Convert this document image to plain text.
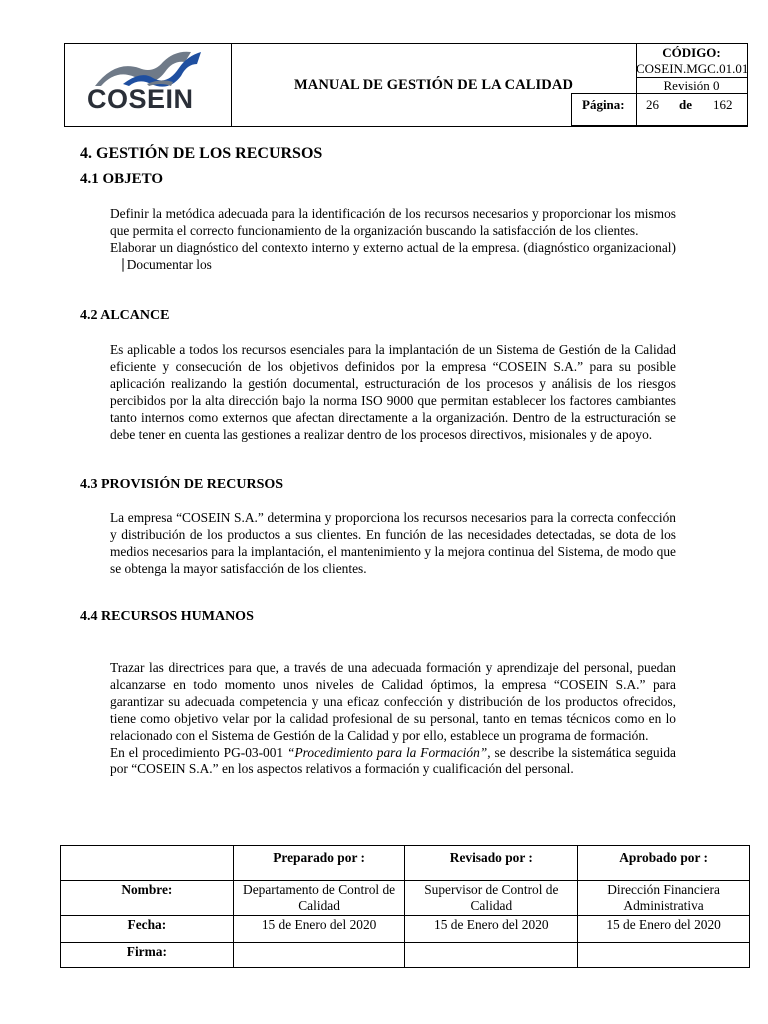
COSEIN	MANUAL DE GESTIÓN DE LA CALIDAD
CÓDIGO:
COSEIN.MGC.01.01
Revisión 0
Página: 26 de 162
4. GESTIÓN DE LOS RECURSOS
4.1 OBJETO

Definir la metódica adecuada para la identificación de los recursos necesarios y proporcionar los mismos que permita el correcto funcionamiento de la organización buscando la satisfacción de los clientes.

Elaborar un diagnóstico del contexto interno y externo actual de la empresa. (diagnóstico organizacional) ⎹ Documentar los

4.2 ALCANCE

Es aplicable a todos los recursos esenciales para la implantación de un Sistema de Gestión de la Calidad eficiente y consecución de los objetivos definidos por la empresa “COSEIN S.A.” para su posible aplicación realizando la gestión documental, estructuración de los procesos y análisis de los riesgos percibidos por la alta dirección bajo la norma ISO 9000 que permitan establecer los factores cambiantes tanto internos como externos que afectan directamente a la organización. Dentro de la estructuración se debe tener en cuenta las gestiones a realizar dentro de los procesos directivos, misionales y de apoyo.

4.3 PROVISIÓN DE RECURSOS

La empresa “COSEIN S.A.” determina y proporciona los recursos necesarios para la correcta confección y distribución de los productos a sus clientes. En función de las necesidades detectadas, se dota de los medios necesarios para la implantación, el mantenimiento y la mejora continua del Sistema, de modo que se obtenga la mayor satisfacción de los clientes.

4.4 RECURSOS HUMANOS

Trazar las directrices para que, a través de una adecuada formación y aprendizaje del personal, puedan alcanzarse en todo momento unos niveles de Calidad óptimos, la empresa “COSEIN S.A.” para garantizar su adecuada competencia y una eficaz confección y distribución de los productos ofrecidos, tiene como objetivo velar por la calidad profesional de su personal, tanto en temas técnicos como en lo relacionado con el Sistema de Gestión de la Calidad y por ello, establece un programa de formación.

En el procedimiento PG-03-001 “Procedimiento para la Formación”, se describe la sistemática seguida por “COSEIN S.A.” en los aspectos relativos a formación y cualificación del personal.

	Preparado por :	Revisado por :	Aprobado por :
Nombre:	Departamento de Control de Calidad	Supervisor de Control de Calidad	Dirección Financiera Administrativa
Fecha:	15 de Enero del 2020	15 de Enero del 2020	15 de Enero del 2020
Firma:			
